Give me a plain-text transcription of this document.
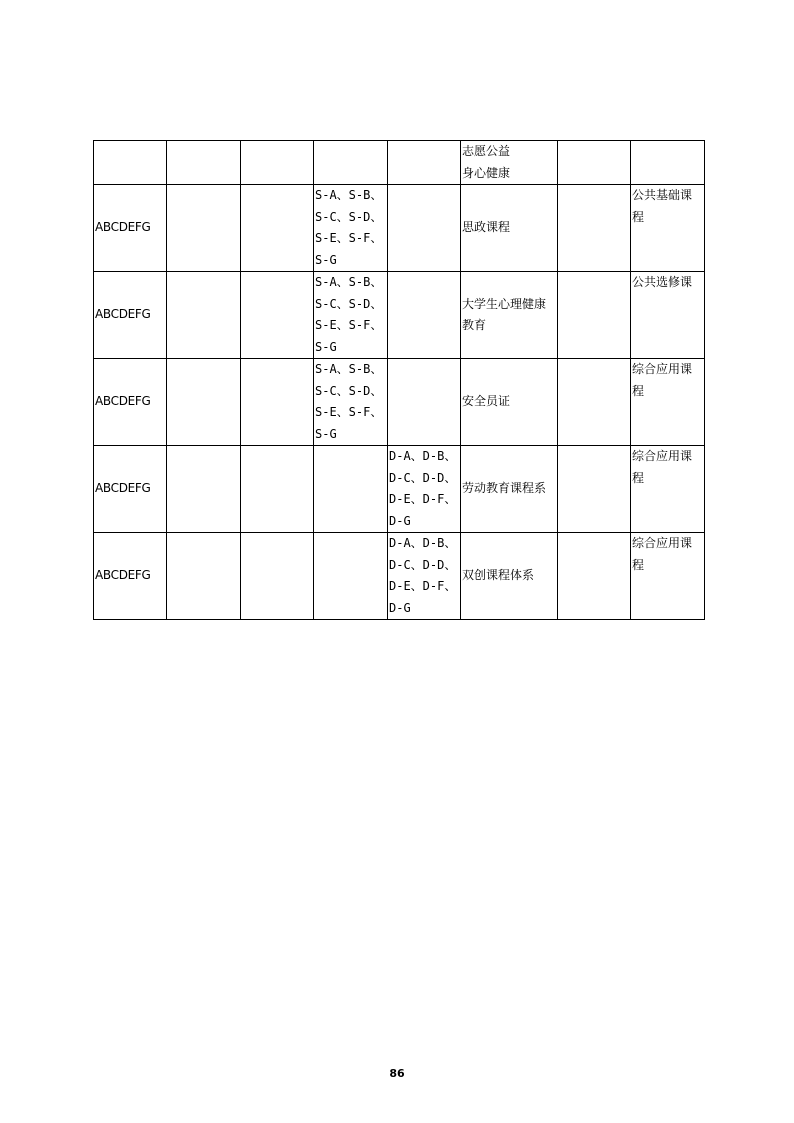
					志愿公益
身心健康		
ABCDEFG			S-A、S-B、
S-C、S-D、
S-E、S-F、
S-G		思政课程		公共基础课程
ABCDEFG			S-A、S-B、
S-C、S-D、
S-E、S-F、
S-G		大学生心理健康
教育		公共选修课
ABCDEFG			S-A、S-B、
S-C、S-D、
S-E、S-F、
S-G		安全员证		综合应用课程
ABCDEFG				D-A、D-B、
D-C、D-D、
D-E、D-F、
D-G	劳动教育课程系		综合应用课程
ABCDEFG				D-A、D-B、
D-C、D-D、
D-E、D-F、
D-G	双创课程体系		综合应用课程
86
